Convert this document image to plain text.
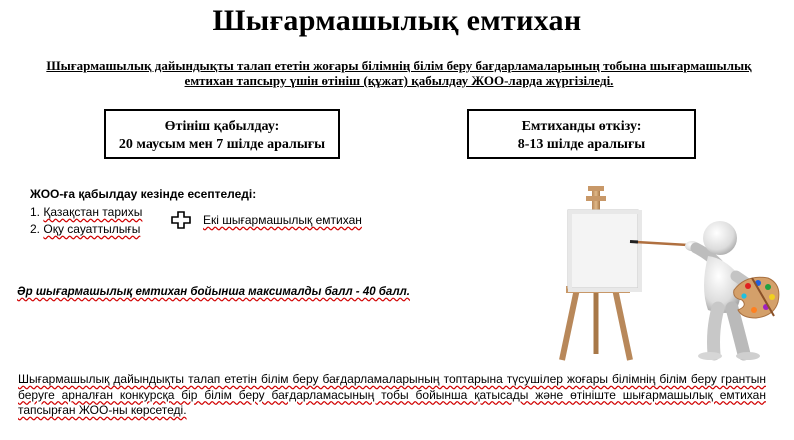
Шығармашылық емтихан
Шығармашылық дайындықты талап ететін жоғары білімнің білім беру бағдарламаларының тобына шығармашылық емтихан тапсыру үшін өтініш (құжат) қабылдау ЖОО-ларда жүргізіледі.
Өтініш қабылдау:
20 маусым мен 7 шілде аралығы
Емтиханды өткізу:
8-13 шілде аралығы
ЖОО-ға қабылдау кезінде есептеледі:
1. Қазақстан тарихы
2. Оқу сауаттылығы
Екі шығармашылық емтихан
Әр шығармашылық емтихан бойынша максималды балл - 40 балл.
Шығармашылық дайындықты талап ететін білім беру бағдарламаларының топтарына түсушілер жоғары білімнің білім беру грантын беруге арналған конкурсқа бір білім беру бағдарламасының тобы бойынша қатысады және өтініште шығармашылық емтихан тапсырған ЖОО-ны көрсетеді.
